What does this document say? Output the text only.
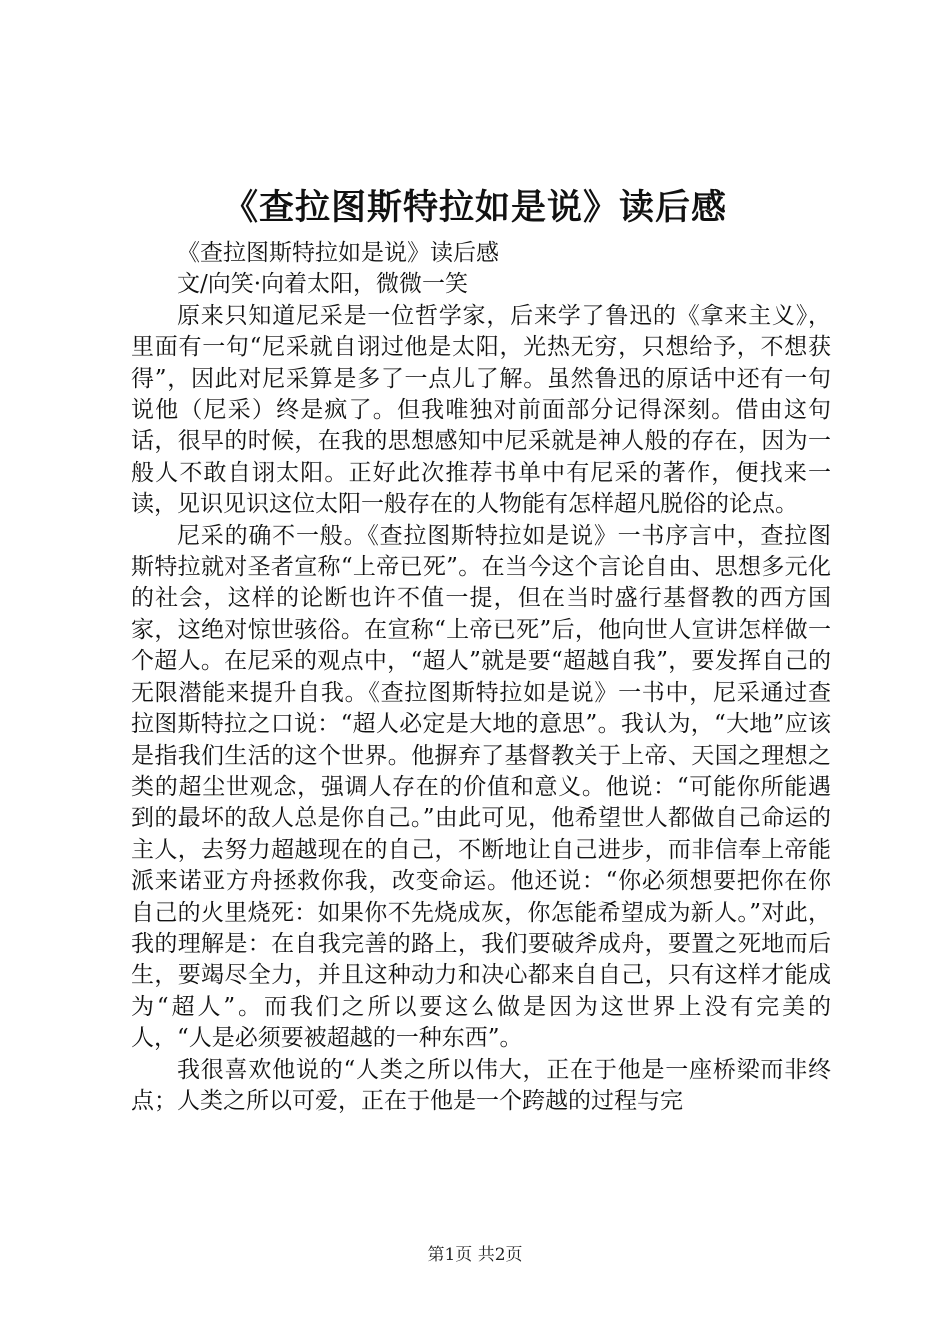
《查拉图斯特拉如是说》读后感

《查拉图斯特拉如是说》读后感

文/向笑·向着太阳，微微一笑

原来只知道尼采是一位哲学家，后来学了鲁迅的《拿来主义》，里面有一句“尼采就自诩过他是太阳，光热无穷，只想给予，不想获得”，因此对尼采算是多了一点儿了解。虽然鲁迅的原话中还有一句说他（尼采）终是疯了。但我唯独对前面部分记得深刻。借由这句话，很早的时候，在我的思想感知中尼采就是神人般的存在，因为一般人不敢自诩太阳。正好此次推荐书单中有尼采的著作，便找来一读，见识见识这位太阳一般存在的人物能有怎样超凡脱俗的论点。

尼采的确不一般。《查拉图斯特拉如是说》一书序言中，查拉图斯特拉就对圣者宣称“上帝已死”。在当今这个言论自由、思想多元化的社会，这样的论断也许不值一提，但在当时盛行基督教的西方国家，这绝对惊世骇俗。在宣称“上帝已死”后，他向世人宣讲怎样做一个超人。在尼采的观点中，“超人”就是要“超越自我”，要发挥自己的无限潜能来提升自我。《查拉图斯特拉如是说》一书中，尼采通过查拉图斯特拉之口说：“超人必定是大地的意思”。我认为，“大地”应该是指我们生活的这个世界。他摒弃了基督教关于上帝、天国之理想之类的超尘世观念，强调人存在的价值和意义。他说：“可能你所能遇到的最坏的敌人总是你自己。”由此可见，他希望世人都做自己命运的主人，去努力超越现在的自己，不断地让自己进步，而非信奉上帝能派来诺亚方舟拯救你我，改变命运。他还说：“你必须想要把你在你自己的火里烧死：如果你不先烧成灰，你怎能希望成为新人。”对此，我的理解是：在自我完善的路上，我们要破斧成舟，要置之死地而后生，要竭尽全力，并且这种动力和决心都来自自己，只有这样才能成为“超人”。而我们之所以要这么做是因为这世界上没有完美的人，“人是必须要被超越的一种东西”。

我很喜欢他说的“人类之所以伟大，正在于他是一座桥梁而非终点；人类之所以可爱，正在于他是一个跨越的过程与完

第1页 共2页
